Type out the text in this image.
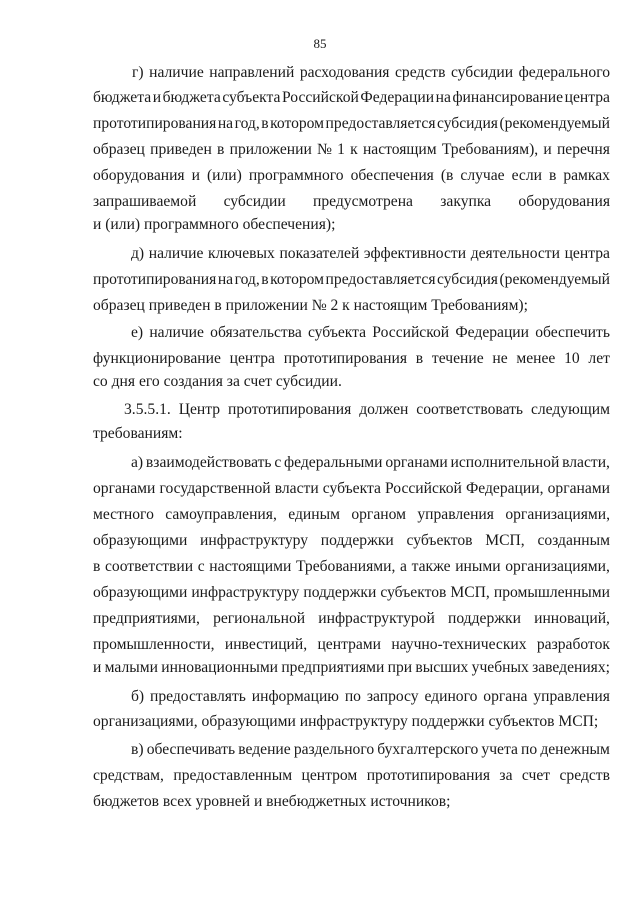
85
г) наличие направлений расходования средств субсидии федерального
бюджета и бюджета субъекта Российской Федерации на финансирование центра
прототипирования на год, в котором предоставляется субсидия (рекомендуемый
образец приведен в приложении № 1 к настоящим Требованиям), и перечня
оборудования и (или) программного обеспечения (в случае если в рамках
запрашиваемой субсидии предусмотрена закупка оборудования
и (или) программного обеспечения);
д) наличие ключевых показателей эффективности деятельности центра
прототипирования на год, в котором предоставляется субсидия (рекомендуемый
образец приведен в приложении № 2 к настоящим Требованиям);
е) наличие обязательства субъекта Российской Федерации обеспечить
функционирование центра прототипирования в течение не менее 10 лет
со дня его создания за счет субсидии.
3.5.5.1. Центр прототипирования должен соответствовать следующим
требованиям:
а) взаимодействовать с федеральными органами исполнительной власти,
органами государственной власти субъекта Российской Федерации, органами
местного самоуправления, единым органом управления организациями,
образующими инфраструктуру поддержки субъектов МСП, созданным
в соответствии с настоящими Требованиями, а также иными организациями,
образующими инфраструктуру поддержки субъектов МСП, промышленными
предприятиями, региональной инфраструктурой поддержки инноваций,
промышленности, инвестиций, центрами научно-технических разработок
и малыми инновационными предприятиями при высших учебных заведениях;
б) предоставлять информацию по запросу единого органа управления
организациями, образующими инфраструктуру поддержки субъектов МСП;
в) обеспечивать ведение раздельного бухгалтерского учета по денежным
средствам, предоставленным центром прототипирования за счет средств
бюджетов всех уровней и внебюджетных источников;
